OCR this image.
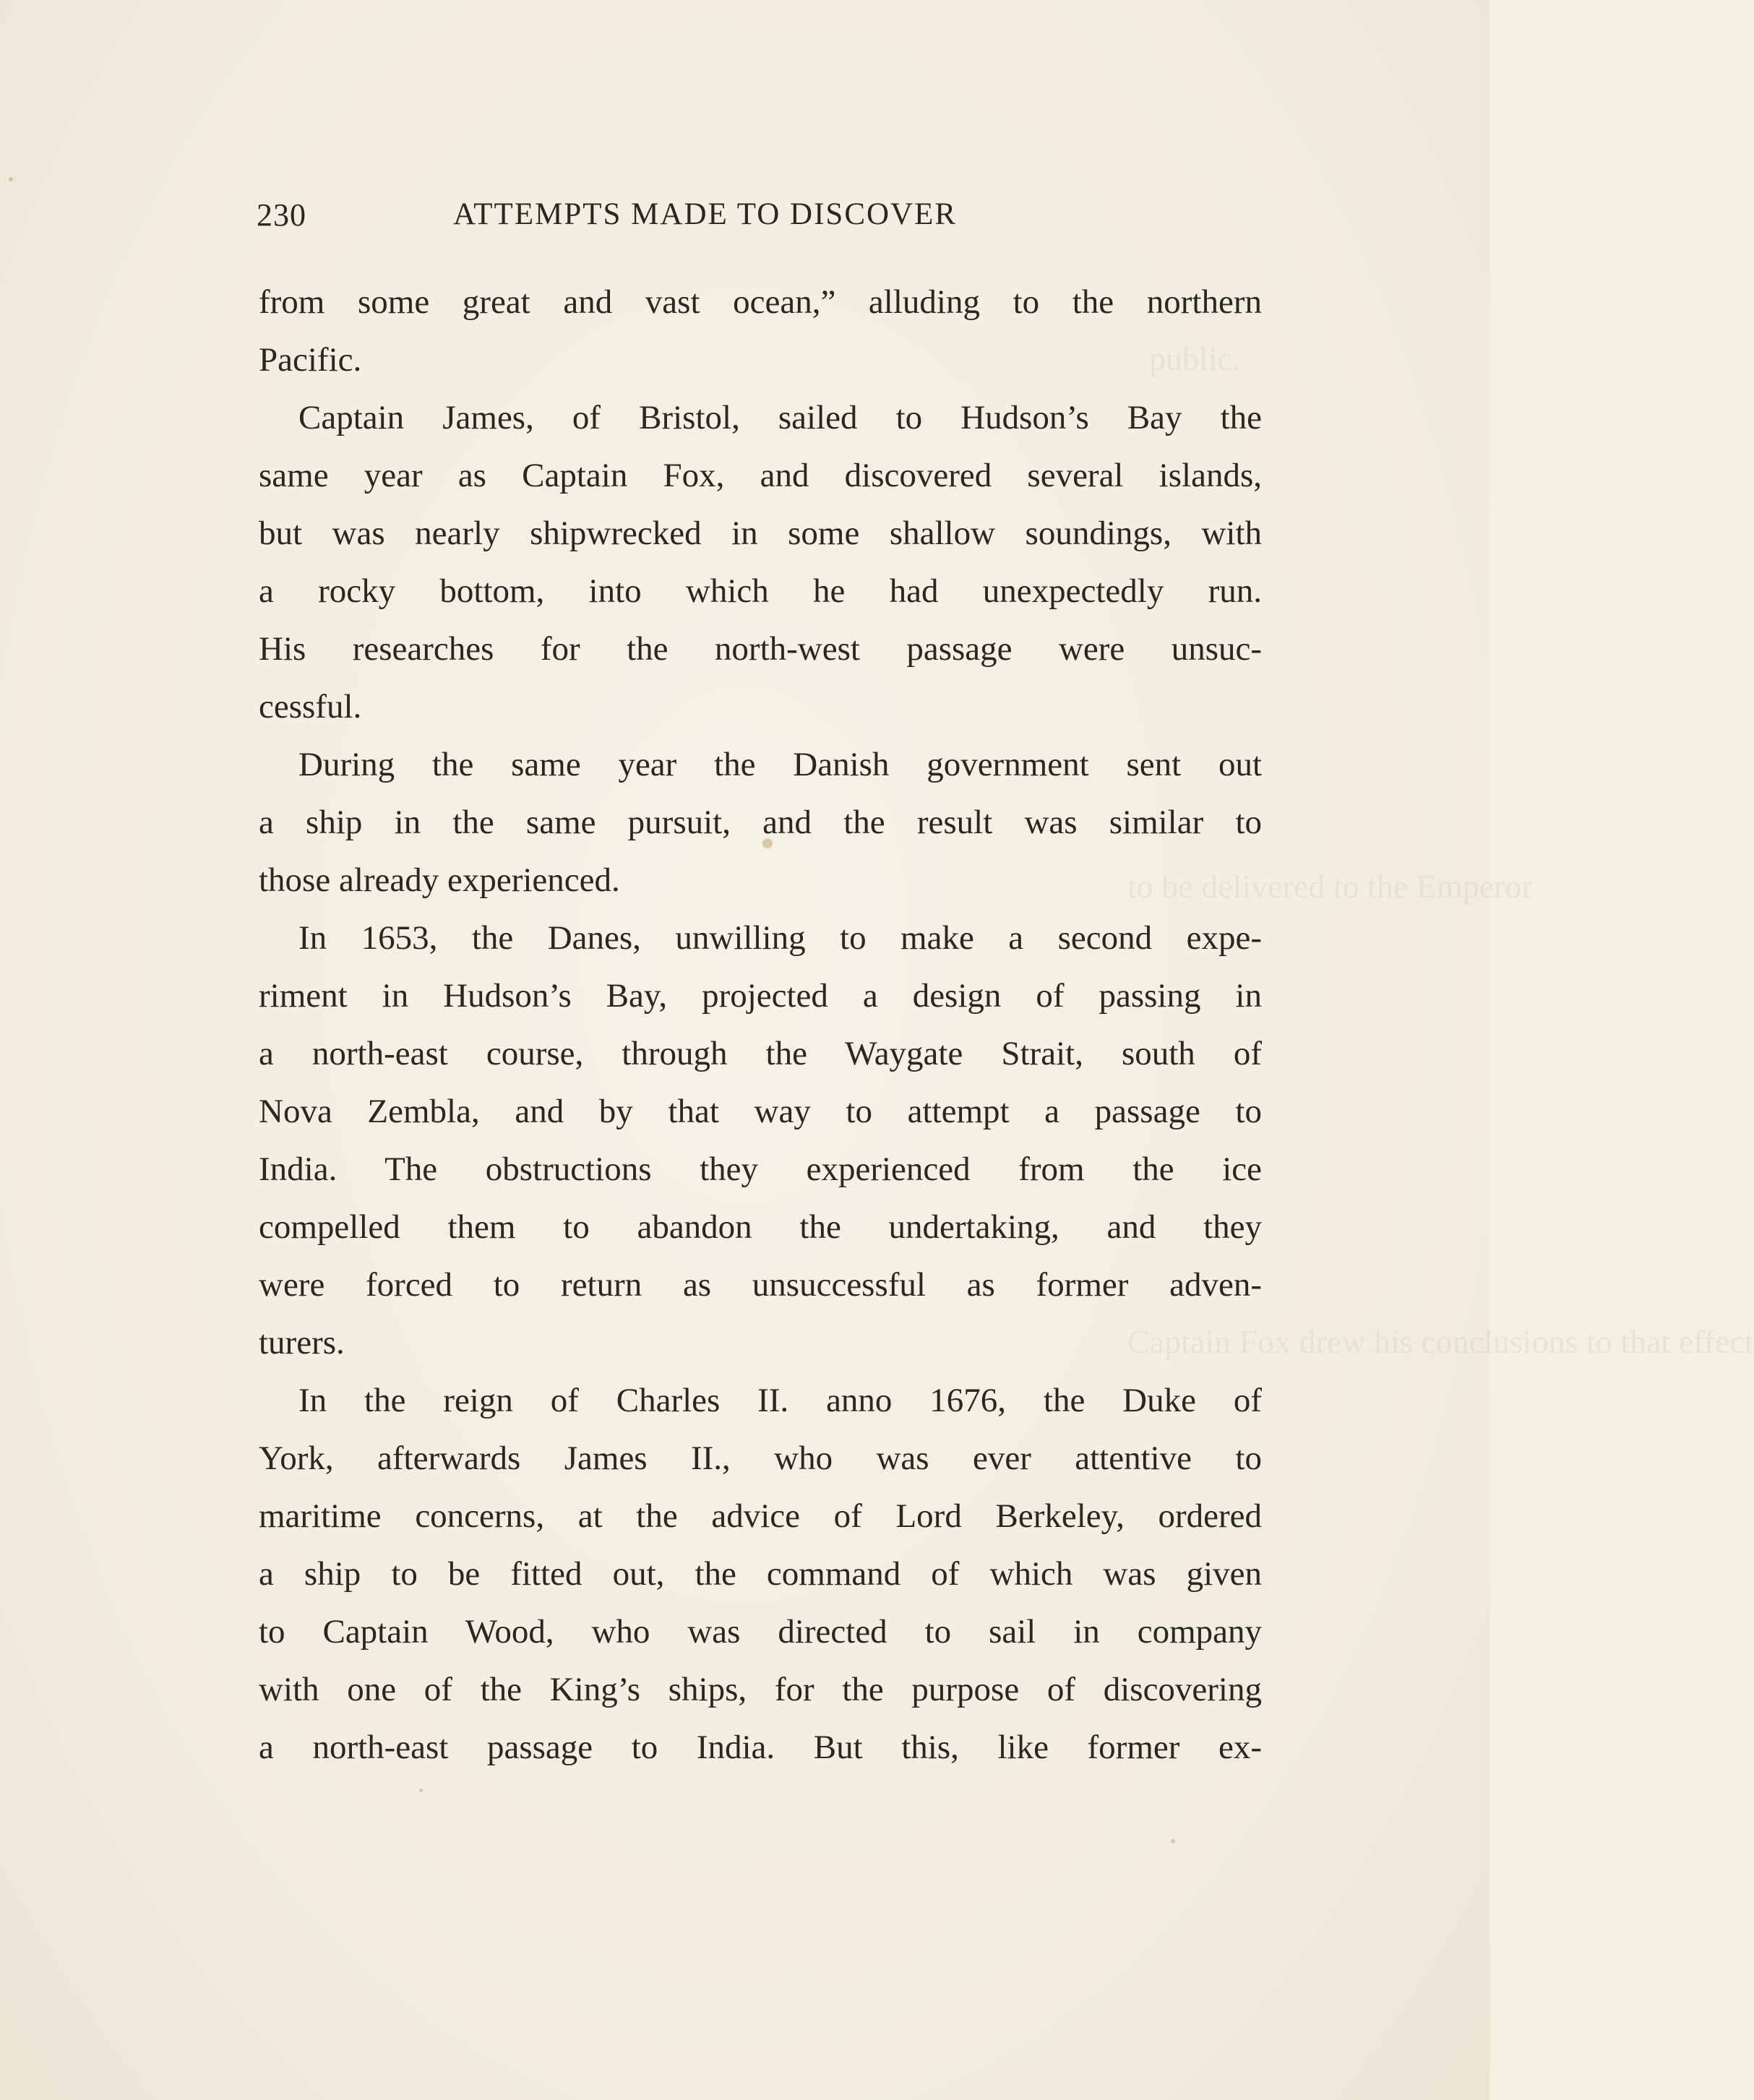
public.
to be delivered to the Emperor
Captain Fox drew his conclusions to that effect
230	ATTEMPTS MADE TO DISCOVER
from some great and vast ocean,” alluding to the northern
Pacific.
Captain James, of Bristol, sailed to Hudson’s Bay the
same year as Captain Fox, and discovered several islands,
but was nearly shipwrecked in some shallow soundings, with
a rocky bottom, into which he had unexpectedly run.
His researches for the north-west passage were unsuc-
cessful.
During the same year the Danish government sent out
a ship in the same pursuit, and the result was similar to
those already experienced.
In 1653, the Danes, unwilling to make a second expe-
riment in Hudson’s Bay, projected a design of passing in
a north-east course, through the Waygate Strait, south of
Nova Zembla, and by that way to attempt a passage to
India. The obstructions they experienced from the ice
compelled them to abandon the undertaking, and they
were forced to return as unsuccessful as former adven-
turers.
In the reign of Charles II. anno 1676, the Duke of
York, afterwards James II., who was ever attentive to
maritime concerns, at the advice of Lord Berkeley, ordered
a ship to be fitted out, the command of which was given
to Captain Wood, who was directed to sail in company
with one of the King’s ships, for the purpose of discovering
a north-east passage to India. But this, like former ex-
